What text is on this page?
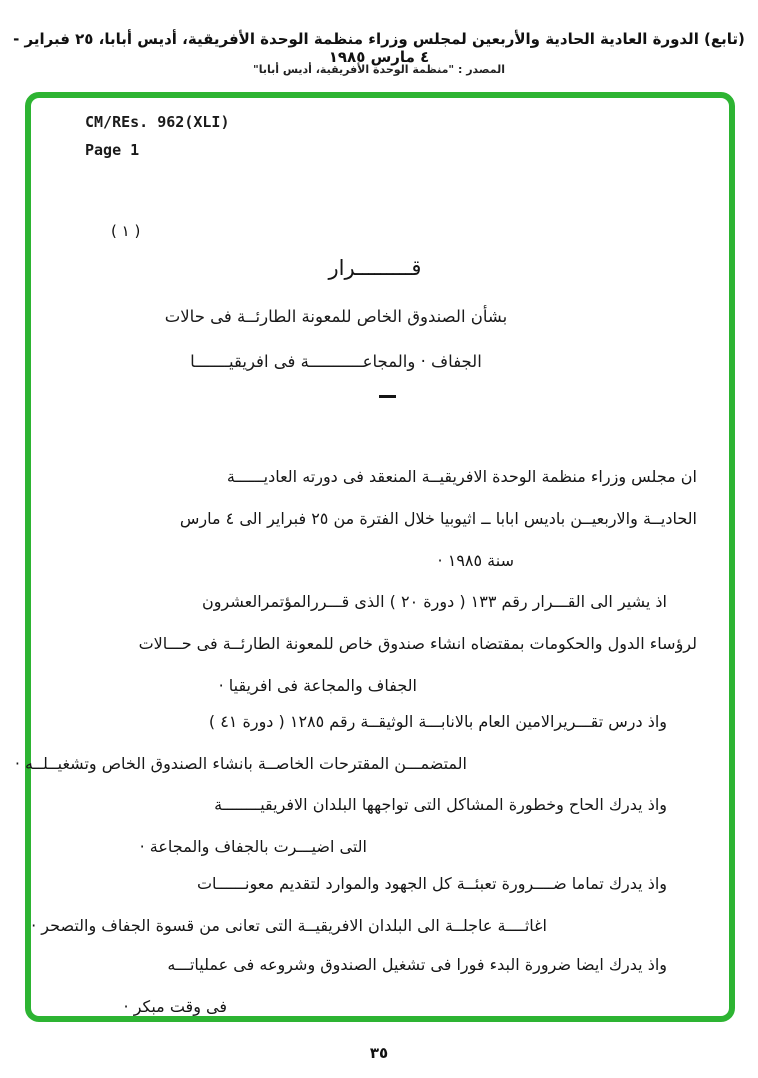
(تابع) الدورة العادية الحادية والأربعين لمجلس وزراء منظمة الوحدة الأفريقية، أديس أبابا، ٢٥ فبراير - ٤ مارس ١٩٨٥
المصدر : "منظمة الوحدة الأفريقية، أديس أبابا"
CM/REs. 962(XLI)
Page 1
( ١ )
قـــــــــرار
بشأن الصندوق الخاص للمعونة الطارئــة فى حالات
الجفاف · والمجاعـــــــــــة فى افريقيـــــــا
ان مجلس وزراء منظمة الوحدة الافريقيــة المنعقد فى دورته العاديــــــة
الحاديــة والاربعيــن باديس ابابا ــ اثيوبيا خلال الفترة من ٢٥ فبراير الى ٤ مارس
سنة ١٩٨٥ ·
اذ يشير الى القـــرار رقم ١٣٣ ( دورة ٢٠ ) الذى قـــررالمؤتمرالعشرون
لرؤساء الدول والحكومات بمقتضاه انشاء صندوق خاص للمعونة الطارئــة فى حـــالات
الجفاف والمجاعة فى افريقيا ·
واذ درس تقـــريرالامين العام بالانابـــة الوثيقــة رقم ١٢٨٥ ( دورة ٤١ )
المتضمـــن المقترحات الخاصــة بانشاء الصندوق الخاص وتشغيــلــه ·
واذ يدرك الحاح وخطورة المشاكل التى تواجهها البلدان الافريقيــــــــة
التى اضيـــرت بالجفاف والمجاعة ·
واذ يدرك تماما ضــــرورة تعبئــة كل الجهود والموارد لتقديم معونــــــات
اغاثــــة عاجلــة الى البلدان الافريقيــة التى تعانى من قسوة الجفاف والتصحر ·
واذ يدرك ايضا ضرورة البدء فورا فى تشغيل الصندوق وشروعه فى عملياتـــه
فى وقت مبكر ·
٣٥
